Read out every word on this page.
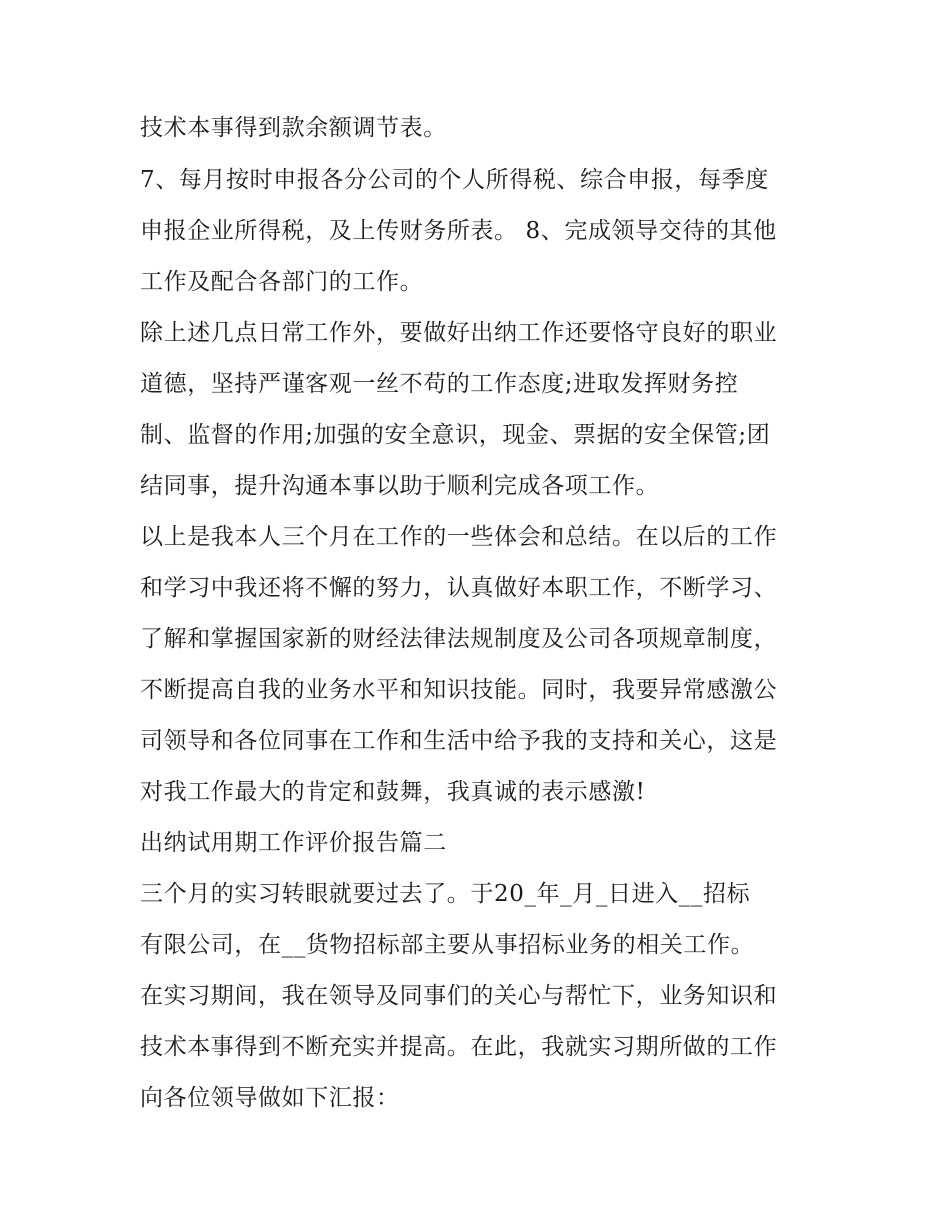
技术本事得到款余额调节表。
7、每月按时申报各分公司的个人所得税、综合申报，每季度
申报企业所得税，及上传财务所表。 8、完成领导交待的其他
工作及配合各部门的工作。
除上述几点日常工作外，要做好出纳工作还要恪守良好的职业
道德，坚持严谨客观一丝不苟的工作态度;进取发挥财务控
制、监督的作用;加强的安全意识，现金、票据的安全保管;团
结同事，提升沟通本事以助于顺利完成各项工作。
以上是我本人三个月在工作的一些体会和总结。在以后的工作
和学习中我还将不懈的努力，认真做好本职工作，不断学习、
了解和掌握国家新的财经法律法规制度及公司各项规章制度，
不断提高自我的业务水平和知识技能。同时，我要异常感激公
司领导和各位同事在工作和生活中给予我的支持和关心，这是
对我工作最大的肯定和鼓舞，我真诚的表示感激!
出纳试用期工作评价报告篇二
三个月的实习转眼就要过去了。于20_年_月_日进入__招标
有限公司，在__货物招标部主要从事招标业务的相关工作。
在实习期间，我在领导及同事们的关心与帮忙下，业务知识和
技术本事得到不断充实并提高。在此，我就实习期所做的工作
向各位领导做如下汇报：
